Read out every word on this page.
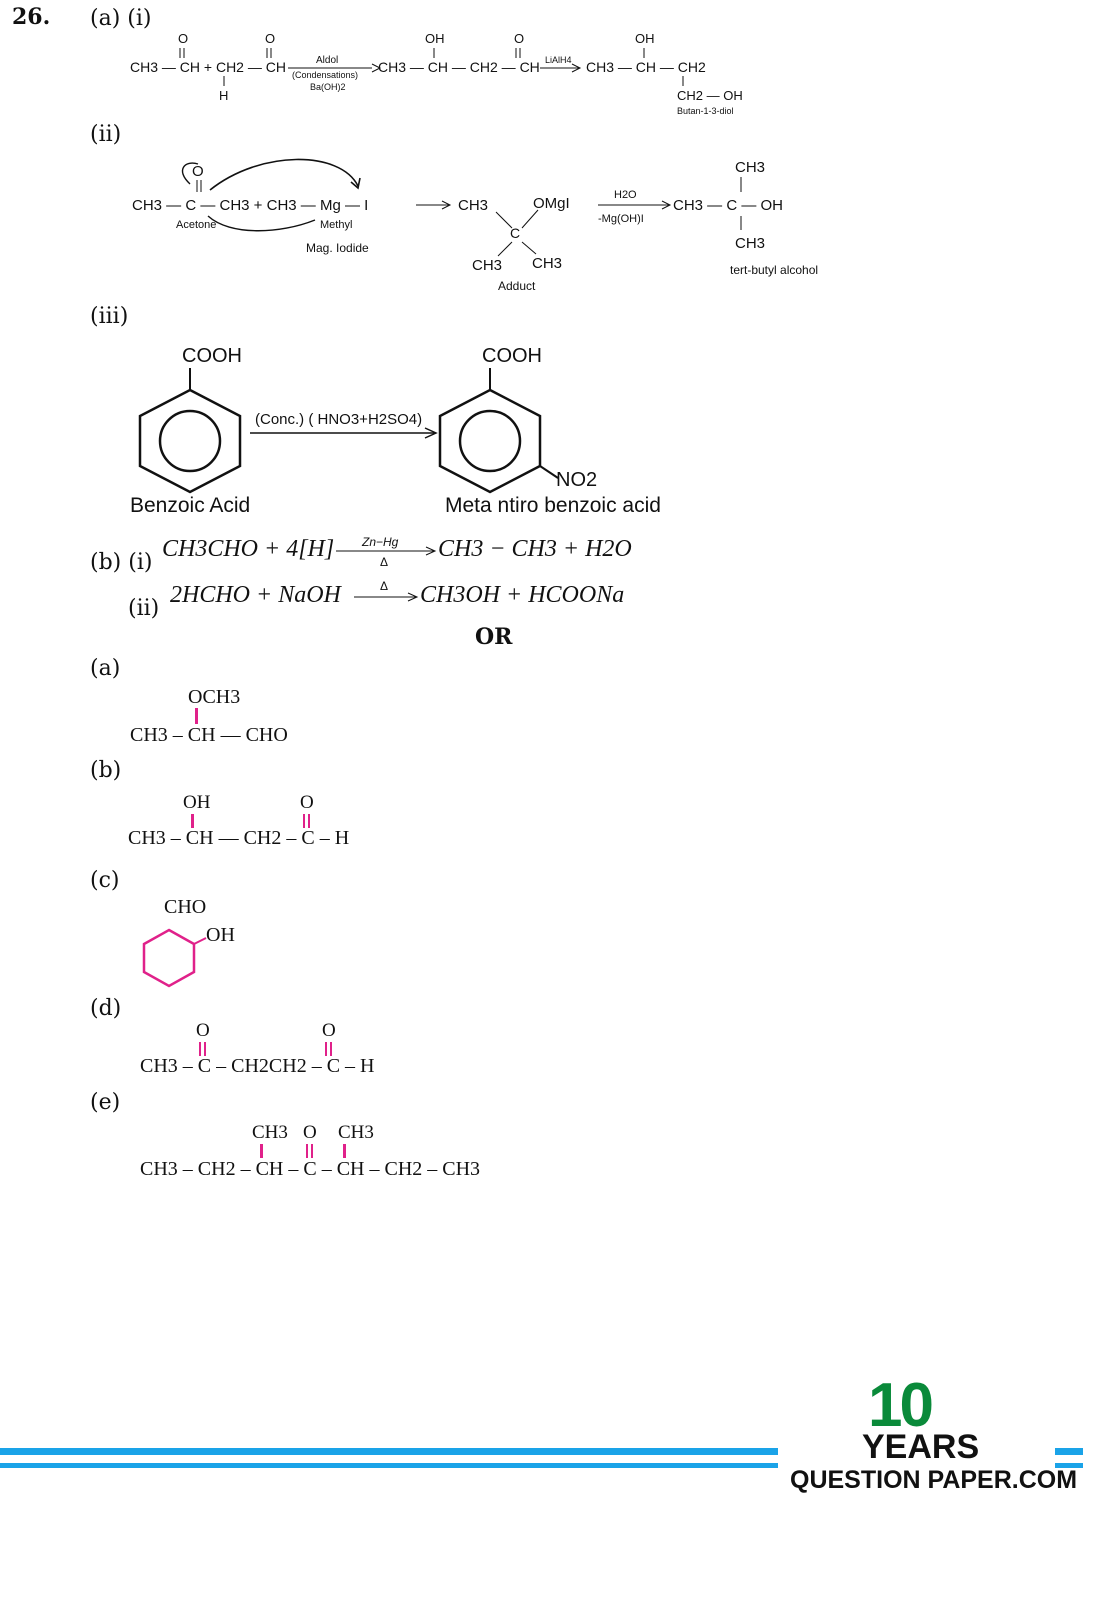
26. (a) (i)
O	O
CH3 — CH + CH2 — CH
H
Aldol
(Condensations)
Ba(OH)2
OH	O
CH3 — CH — CH2 — CH LiAlH4
OH
CH3 — CH — CH2
CH2 — OH
Butan-1-3-diol
(ii)
O
CH3 — C — CH3 + CH3 — Mg — I
Acetone	Methyl
Mag. Iodide
CH3
C
OMgI
CH3 CH3
Adduct
H2O
-Mg(OH)I
CH3
CH3 — C — OH
CH3
tert-butyl alcohol
(iii)
COOH
Benzoic Acid
(Conc.) ( HNO3+H2SO4)
COOH
NO2
Meta ntiro benzoic acid
(b) (i)
CH3CHO + 4[H] Zn−Hg
Δ CH3 − CH3 + H2O
(ii)
2HCHO + NaOH	Δ CH3OH + HCOONa
OR
(a)
OCH3
CH3 – CH — CHO
(b)
OH	O
CH3 – CH — CH2 – C – H
(c)
CHO
OH
(d)
O	O
CH3 – C – CH2CH2 – C – H
(e)
CH3 O CH3
CH3 – CH2 – CH – C – CH – CH2 – CH3
10
YEARS
QUESTION PAPER.COM
